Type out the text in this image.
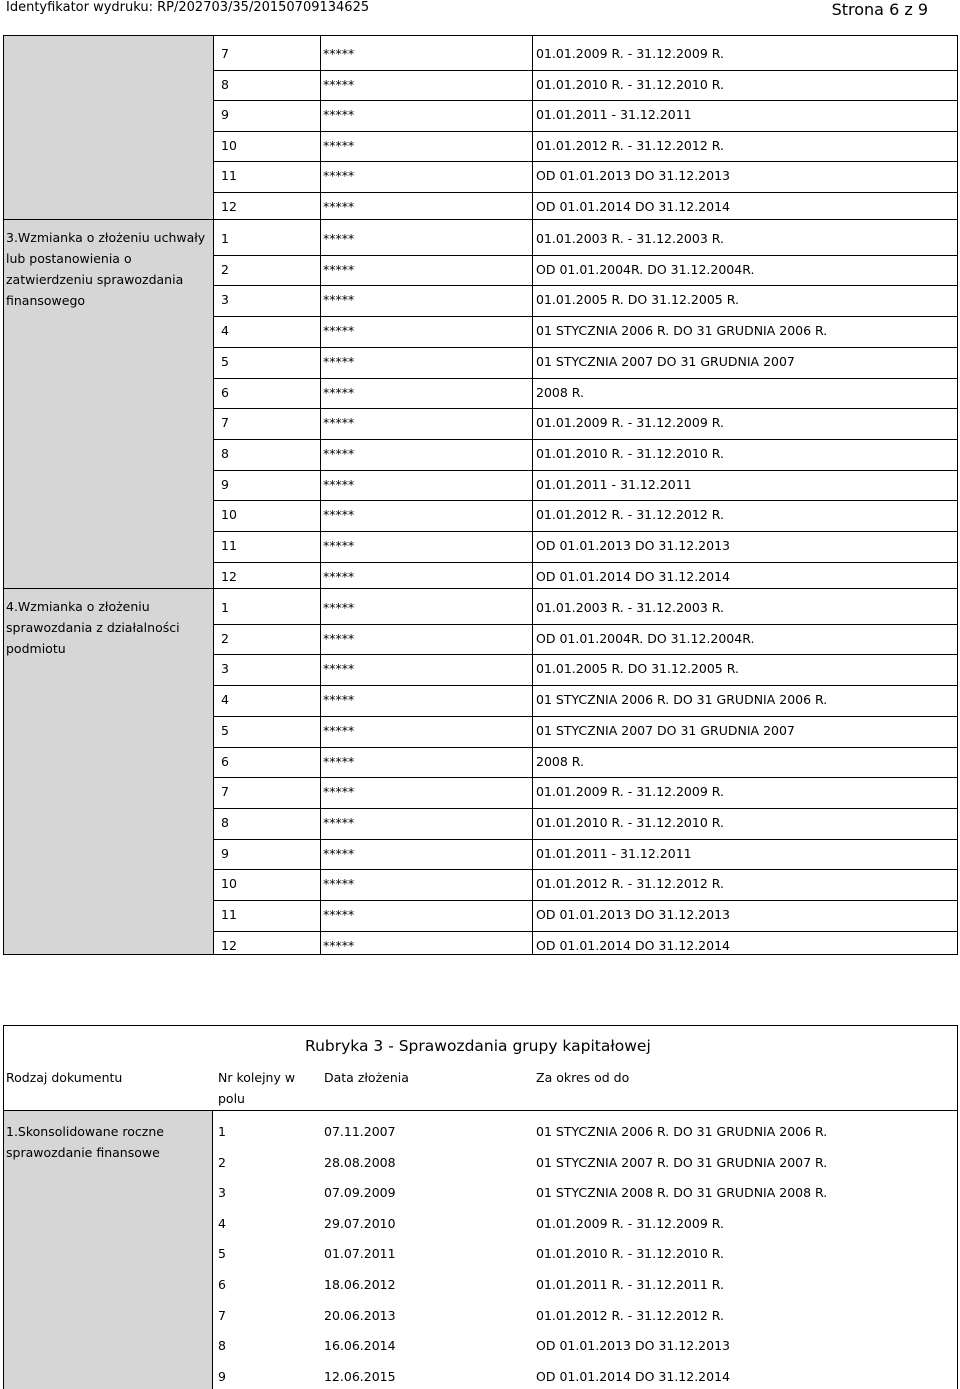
Identyfikator wydruku: RP/202703/35/20150709134625	Strona 6 z 9
7	*****	01.01.2009 R. - 31.12.2009 R.
8	*****	01.01.2010 R. - 31.12.2010 R.
9	*****	01.01.2011 - 31.12.2011
10	*****	01.01.2012 R. - 31.12.2012 R.
11	*****	OD 01.01.2013 DO 31.12.2013
12	*****	OD 01.01.2014 DO 31.12.2014
3.Wzmianka o złożeniu uchwały lub postanowienia o zatwierdzeniu sprawozdania finansowego
1	*****	01.01.2003 R. - 31.12.2003 R.
2	*****	OD 01.01.2004R. DO 31.12.2004R.
3	*****	01.01.2005 R. DO 31.12.2005 R.
4	*****	01 STYCZNIA 2006 R. DO 31 GRUDNIA 2006 R.
5	*****	01 STYCZNIA 2007 DO 31 GRUDNIA 2007
6	*****	2008 R.
7	*****	01.01.2009 R. - 31.12.2009 R.
8	*****	01.01.2010 R. - 31.12.2010 R.
9	*****	01.01.2011 - 31.12.2011
10	*****	01.01.2012 R. - 31.12.2012 R.
11	*****	OD 01.01.2013 DO 31.12.2013
12	*****	OD 01.01.2014 DO 31.12.2014
4.Wzmianka o złożeniu sprawozdania z działalności podmiotu
1	*****	01.01.2003 R. - 31.12.2003 R.
2	*****	OD 01.01.2004R. DO 31.12.2004R.
3	*****	01.01.2005 R. DO 31.12.2005 R.
4	*****	01 STYCZNIA 2006 R. DO 31 GRUDNIA 2006 R.
5	*****	01 STYCZNIA 2007 DO 31 GRUDNIA 2007
6	*****	2008 R.
7	*****	01.01.2009 R. - 31.12.2009 R.
8	*****	01.01.2010 R. - 31.12.2010 R.
9	*****	01.01.2011 - 31.12.2011
10	*****	01.01.2012 R. - 31.12.2012 R.
11	*****	OD 01.01.2013 DO 31.12.2013
12	*****	OD 01.01.2014 DO 31.12.2014
Rubryka 3 - Sprawozdania grupy kapitałowej
Rodzaj dokumentu	Nr kolejny w
polu
Data złożenia	Za okres od do
1.Skonsolidowane roczne sprawozdanie finansowe
1	07.11.2007	01 STYCZNIA 2006 R. DO 31 GRUDNIA 2006 R.
2	28.08.2008	01 STYCZNIA 2007 R. DO 31 GRUDNIA 2007 R.
3	07.09.2009	01 STYCZNIA 2008 R. DO 31 GRUDNIA 2008 R.
4	29.07.2010	01.01.2009 R. - 31.12.2009 R.
5	01.07.2011	01.01.2010 R. - 31.12.2010 R.
6	18.06.2012	01.01.2011 R. - 31.12.2011 R.
7	20.06.2013	01.01.2012 R. - 31.12.2012 R.
8	16.06.2014	OD 01.01.2013 DO 31.12.2013
9	12.06.2015	OD 01.01.2014 DO 31.12.2014
